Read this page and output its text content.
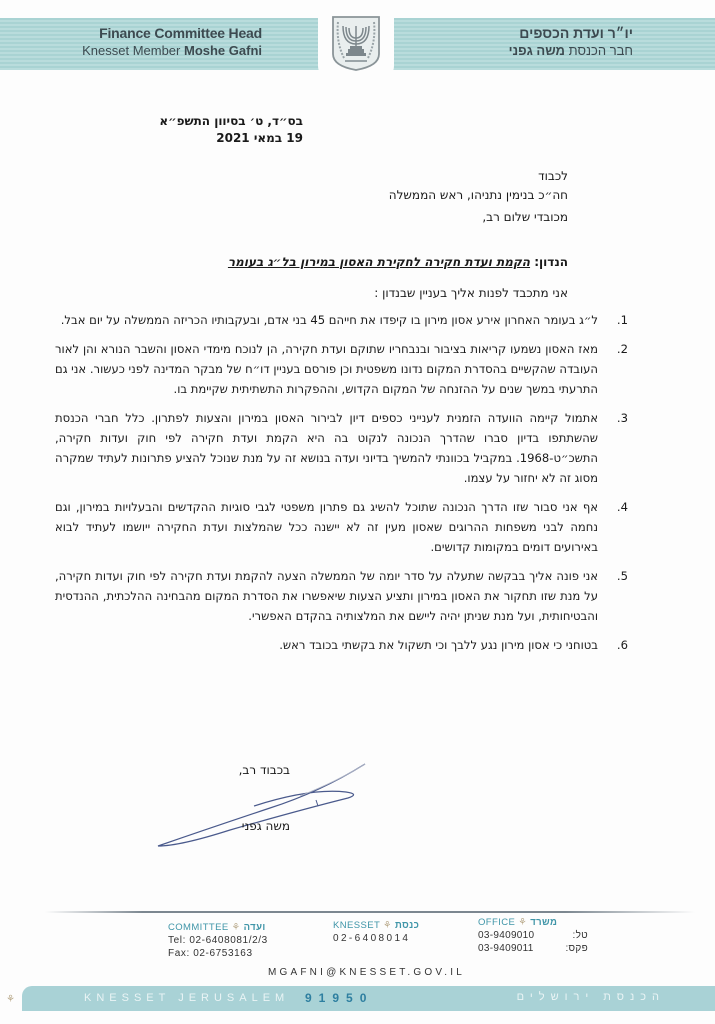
Finance Committee Head
Knesset Member Moshe Gafni
יו״ר ועדת הכספים
חבר הכנסת משה גפני
בס״ד, ט׳ בסיוון התשפ״א
19 במאי 2021
לכבוד
חה״כ בנימין נתניהו, ראש הממשלה
מכובדי שלום רב,
הנדון: הקמת ועדת חקירה לחקירת האסון במירון בל״ג בעומר
אני מתכבד לפנות אליך בעניין שבנדון :
1.
ל״ג בעומר האחרון אירע אסון מירון בו קיפדו את חייהם 45 בני אדם, ובעקבותיו הכריזה הממשלה על יום אבל.
2.
מאז האסון נשמעו קריאות בציבור ובנבחריו שתוקם ועדת חקירה, הן לנוכח מימדי האסון והשבר הנורא והן לאור העובדה שהקשיים בהסדרת המקום נדונו משפטית וכן פורסם בעניין דו״ח של מבקר המדינה לפני כעשור. אני גם התרעתי במשך שנים על ההזנחה של המקום הקדוש, וההפקרות התשתיתית שקיימת בו.
3.
אתמול קיימה הוועדה הזמנית לענייני כספים דיון לבירור האסון במירון והצעות לפתרון. כלל חברי הכנסת שהשתתפו בדיון סברו שהדרך הנכונה לנקוט בה היא הקמת ועדת חקירה לפי חוק ועדות חקירה, התשכ״ט-1968. במקביל בכוונתי להמשיך בדיוני ועדה בנושא זה על מנת שנוכל להציע פתרונות לעתיד שמקרה מסוג זה לא יחזור על עצמו.
4.
אף אני סבור שזו הדרך הנכונה שתוכל להשיג גם פתרון משפטי לגבי סוגיות ההקדשים והבעלויות במירון, וגם נחמה לבני משפחות ההרוגים שאסון מעין זה לא יישנה ככל שהמלצות ועדת החקירה ייושמו לעתיד לבוא באירועים דומים במקומות קדושים.
5.
אני פונה אליך בבקשה שתעלה על סדר יומה של הממשלה הצעה להקמת ועדת חקירה לפי חוק ועדות חקירה, על מנת שזו תחקור את האסון במירון ותציע הצעות שיאפשרו את הסדרת המקום מהבחינה ההלכתית, ההנדסית והבטיחותית, ועל מנת שניתן יהיה ליישם את המלצותיה בהקדם האפשרי.
6.
בטוחני כי אסון מירון נגע ללבך וכי תשקול את בקשתי בכובד ראש.
בכבוד רב,
משה גפני
COMMITTEE ⚘ ועדה
Tel: 02-6408081/2/3
Fax: 02-6753163
KNESSET ⚘ כנסת
02-6408014
OFFICE ⚘ משרד
03-9409010	טל:
03-9409011	פקס:
MGAFNI@KNESSET.GOV.IL
⚘	KNESSET JERUSALEM 91950	הכנסת ירושלים
